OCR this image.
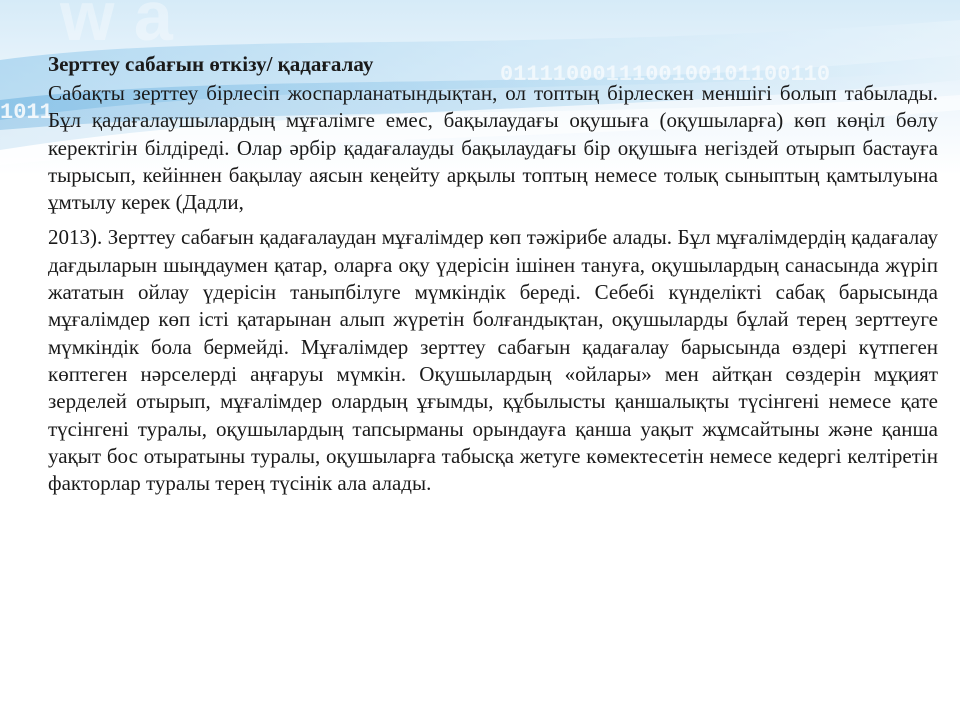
1011
0111100011100100101100110
w a

Зерттеу сабағын өткізу/ қадағалау

Сабақты зерттеу бірлесіп жоспарланатындықтан, ол топтың бірлескен меншігі болып табылады. Бұл қадағалаушылардың мұғалімге емес, бақылаудағы оқушыға (оқушыларға) көп көңіл бөлу керектігін білдіреді. Олар әрбір қадағалауды бақылаудағы бір оқушыға негіздей отырып бастауға тырысып, кейіннен бақылау аясын кеңейту арқылы топтың немесе толық сыныптың қамтылуына ұмтылу керек (Дадли,

2013). Зерттеу сабағын қадағалаудан мұғалімдер көп тәжірибе алады. Бұл мұғалімдердің қадағалау дағдыларын шыңдаумен қатар, оларға оқу үдерісін ішінен тануға, оқушылардың санасында жүріп жататын ойлау үдерісін таныпбілуге мүмкіндік береді. Себебі күнделікті сабақ барысында мұғалімдер көп істі қатарынан алып жүретін болғандықтан, оқушыларды бұлай терең зерттеуге мүмкіндік бола бермейді. Мұғалімдер зерттеу сабағын қадағалау барысында өздері күтпеген көптеген нәрселерді аңғаруы мүмкін. Оқушылардың «ойлары» мен айтқан сөздерін мұқият зерделей отырып, мұғалімдер олардың ұғымды, құбылысты қаншалықты түсінгені немесе қате түсінгені туралы, оқушылардың тапсырманы орындауға қанша уақыт жұмсайтыны және қанша уақыт бос отыратыны туралы, оқушыларға табысқа жетуге көмектесетін немесе кедергі келтіретін факторлар туралы терең түсінік ала алады.
